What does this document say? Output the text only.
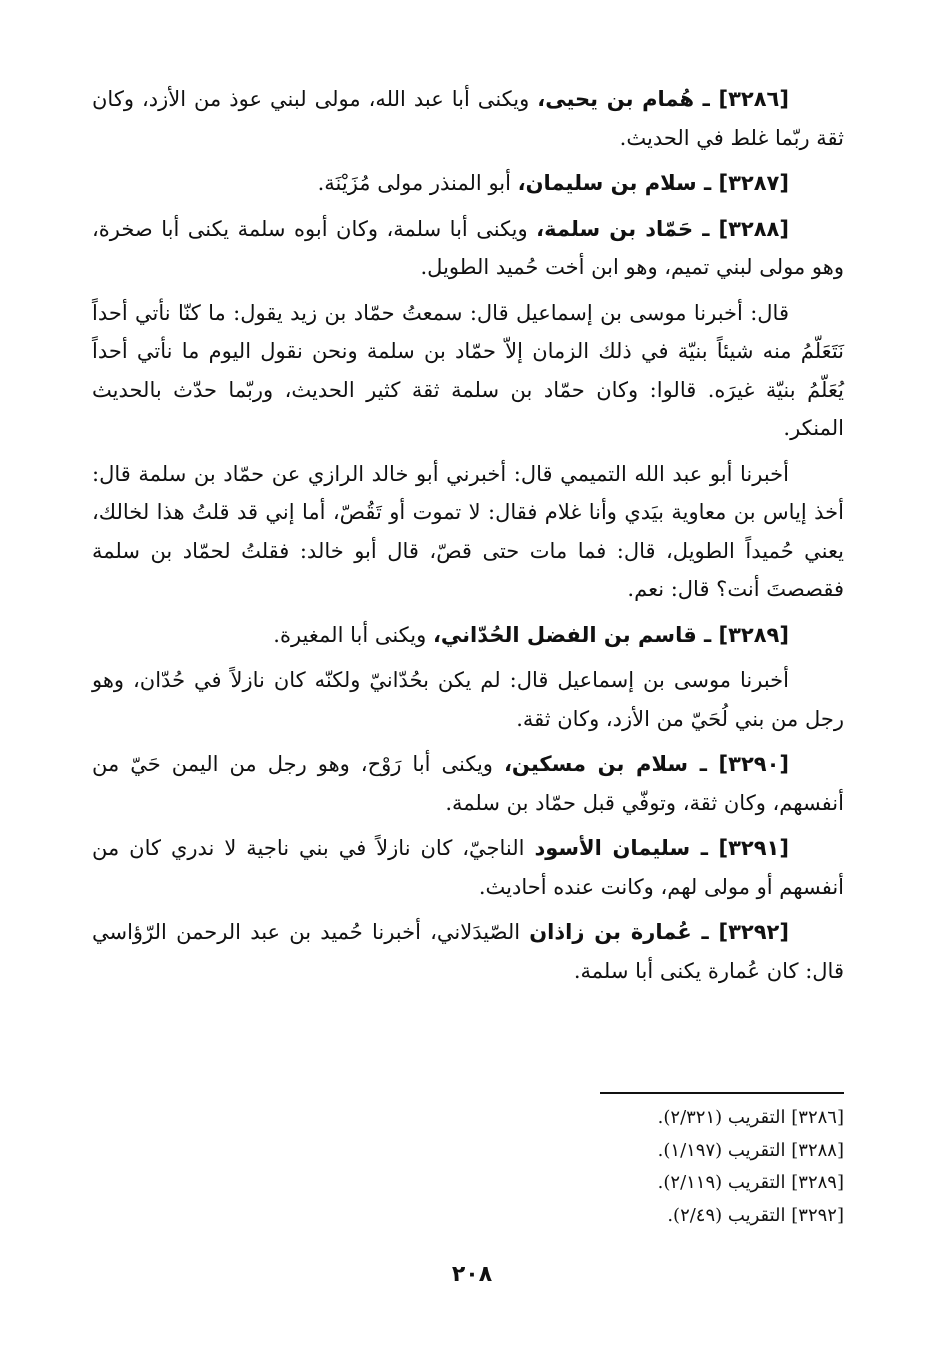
[٣٢٨٦] ـ هُمام بن يحيى، ويكنى أبا عبد الله، مولى لبني عوذ من الأزد، وكان ثقة ربّما غلط في الحديث.

[٣٢٨٧] ـ سلام بن سليمان، أبو المنذر مولى مُزَيْنَة.

[٣٢٨٨] ـ حَمّاد بن سلمة، ويكنى أبا سلمة، وكان أبوه سلمة يكنى أبا صخرة، وهو مولى لبني تميم، وهو ابن أخت حُميد الطويل.

قال: أخبرنا موسى بن إسماعيل قال: سمعتُ حمّاد بن زيد يقول: ما كنّا نأتي أحداً نَتَعَلّمُ منه شيئاً بنيّة في ذلك الزمان إلاّ حمّاد بن سلمة ونحن نقول اليوم ما نأتي أحداً يُعَلّمُ بنيّة غيرَه. قالوا: وكان حمّاد بن سلمة ثقة كثير الحديث، وربّما حدّث بالحديث المنكر.

أخبرنا أبو عبد الله التميمي قال: أخبرني أبو خالد الرازي عن حمّاد بن سلمة قال: أخذ إياس بن معاوية بيَدي وأنا غلام فقال: لا تموت أو تَقُصّ، أما إني قد قلتُ هذا لخالك، يعني حُميداً الطويل، قال: فما مات حتى قصّ، قال أبو خالد: فقلتُ لحمّاد بن سلمة فقصصتَ أنت؟ قال: نعم.

[٣٢٨٩] ـ قاسم بن الفضل الحُدّاني، ويكنى أبا المغيرة.

أخبرنا موسى بن إسماعيل قال: لم يكن بحُدّانيّ ولكنّه كان نازلاً في حُدّان، وهو رجل من بني لُحَيّ من الأزد، وكان ثقة.

[٣٢٩٠] ـ سلام بن مسكين، ويكنى أبا رَوْح، وهو رجل من اليمن حَيّ من أنفسهم، وكان ثقة، وتوفّي قبل حمّاد بن سلمة.

[٣٢٩١] ـ سليمان الأسود الناجيّ، كان نازلاً في بني ناجية لا ندري كان من أنفسهم أو مولى لهم، وكانت عنده أحاديث.

[٣٢٩٢] ـ عُمارة بن زاذان الصّيدَلاني، أخبرنا حُميد بن عبد الرحمن الرّؤاسي قال: كان عُمارة يكنى أبا سلمة.

[٣٢٨٦] التقريب (٢/٣٢١).
[٣٢٨٨] التقريب (١/١٩٧).
[٣٢٨٩] التقريب (٢/١١٩).
[٣٢٩٢] التقريب (٢/٤٩).
٢٠٨
